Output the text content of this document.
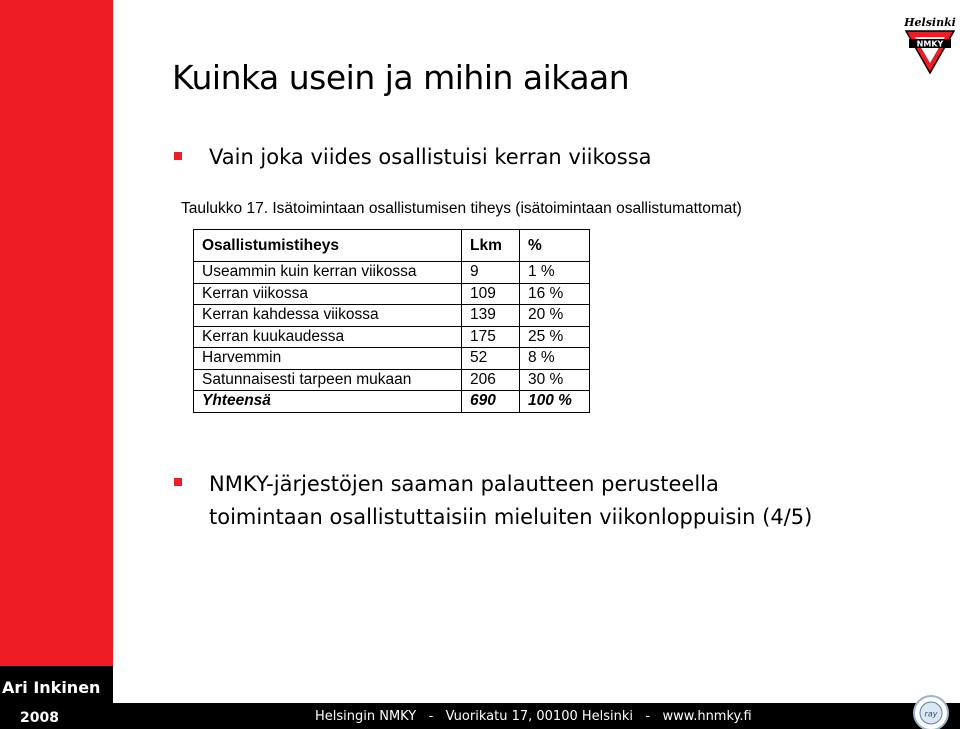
Kuinka usein ja mihin aikaan
Vain joka viides osallistuisi kerran viikossa
Taulukko 17. Isätoimintaan osallistumisen tiheys (isätoimintaan osallistumattomat)
Osallistumistiheys	Lkm	%
Useammin kuin kerran viikossa	9	1 %
Kerran viikossa	109	16 %
Kerran kahdessa viikossa	139	20 %
Kerran kuukaudessa	175	25 %
Harvemmin	52	8 %
Satunnaisesti tarpeen mukaan	206	30 %
Yhteensä	690	100 %
NMKY-järjestöjen saaman palautteen perusteella
toimintaan osallistuttaisiin mieluiten viikonloppuisin (4/5)
Ari Inkinen
2008	Helsingin NMKY   -   Vuorikatu 17, 00100 Helsinki   -   www.hnmky.fi
Helsinki
NMKY
ray
